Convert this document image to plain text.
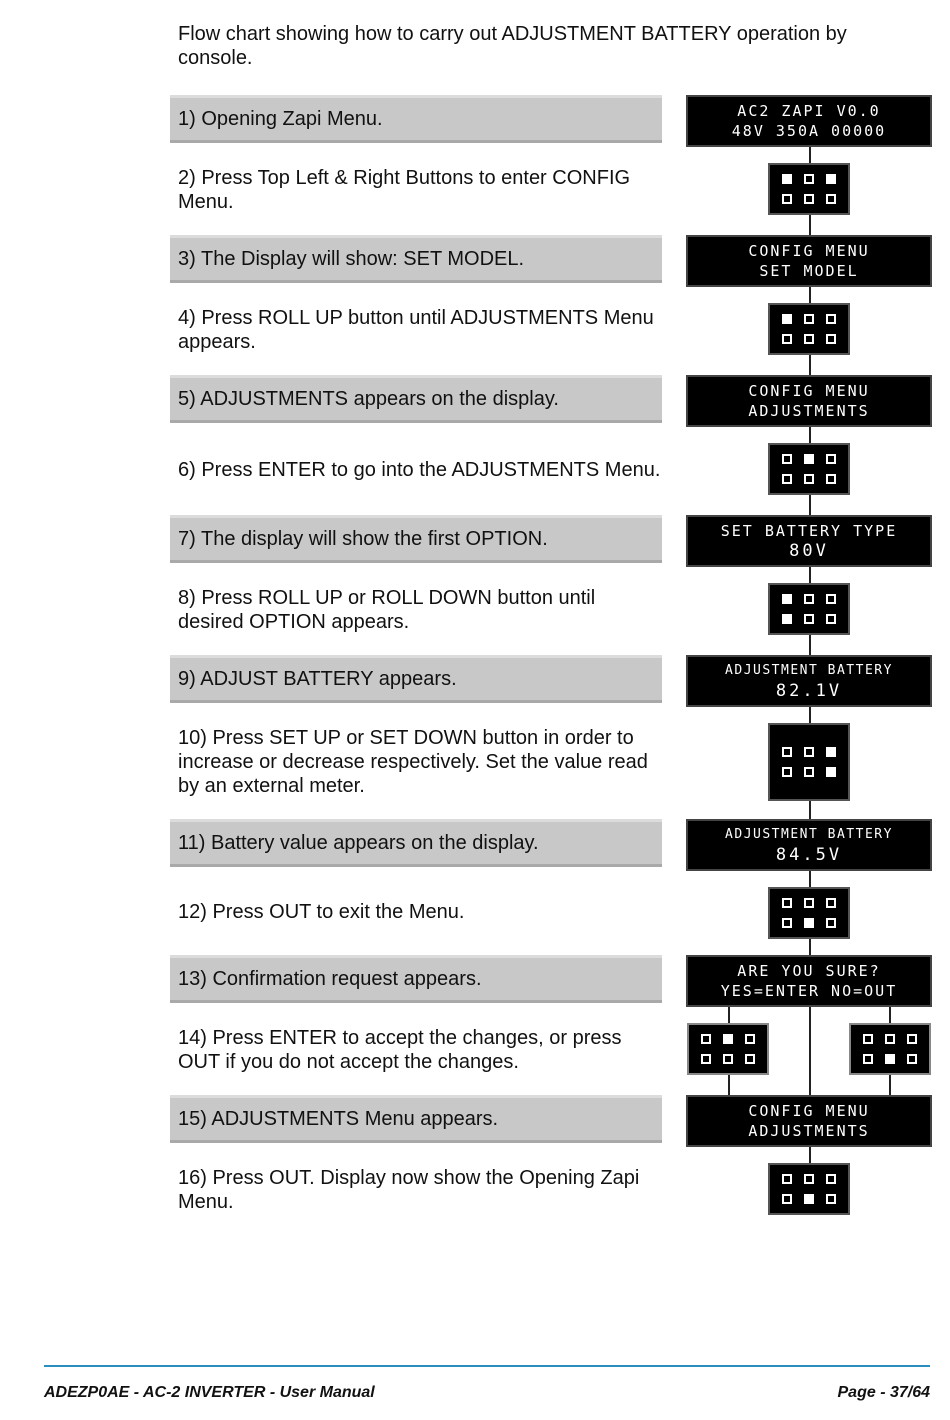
Flow chart showing how to carry out ADJUSTMENT BATTERY operation by console.
1) Opening Zapi Menu.
2) Press Top Left & Right Buttons to enter CONFIG Menu.
3) The Display will show: SET MODEL.
4) Press ROLL UP button until ADJUSTMENTS Menu appears.
5) ADJUSTMENTS appears on the display.
6) Press ENTER to go into the ADJUSTMENTS Menu.
7) The display will show the first OPTION.
8) Press ROLL UP or ROLL DOWN button until desired OPTION appears.
9) ADJUST BATTERY appears.
10) Press SET UP or SET DOWN button in order to increase or decrease respectively. Set the value read by an external meter.
11) Battery value appears on the display.
12) Press OUT to exit the Menu.
13) Confirmation request appears.
14) Press ENTER to accept the changes, or press OUT if you do not accept the changes.
15) ADJUSTMENTS Menu appears.
16) Press OUT. Display now show the Opening Zapi Menu.
AC2 ZAPI V0.0
48V 350A 00000
CONFIG MENU
SET MODEL
CONFIG MENU
ADJUSTMENTS
SET BATTERY TYPE
80V
ADJUSTMENT BATTERY
82.1V
ADJUSTMENT BATTERY
84.5V
ARE YOU SURE?
YES=ENTER NO=OUT
CONFIG MENU
ADJUSTMENTS
ADEZP0AE - AC-2 INVERTER - User Manual	Page - 37/64
